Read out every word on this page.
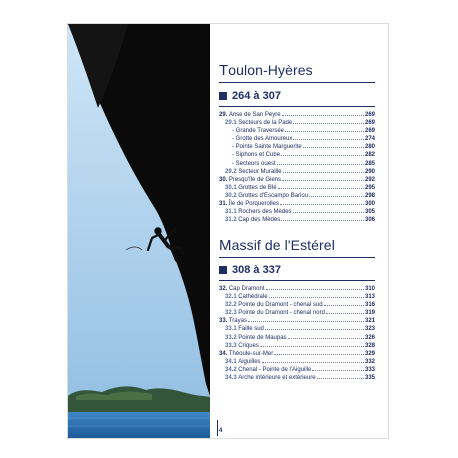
Toulon-Hyères
264 à 307
29. Anse de San Peyre	269
29.1 Secteurs de la Pade	269
- Grande Traversée	269
- Grotte des Amoureux	274
- Pointe Sainte Marguerite	280
- Siphons et Cube	282
- Secteurs ouest	285
29.2 Secteur Muraille	290
30. Presqu'île de Giens	292
30.1 Grottes de Blé	295
30.2 Grottes d'Escampo Bariou	298
31. Île de Porquerolles	300
31.1 Rochers des Mèdes	305
31.2 Cap des Mèdes	306
Massif de l'Estérel
308 à 337
32. Cap Dramont	310
32.1 Cathédrale	313
32.2 Pointe du Dramont - chenal sud	316
32.3 Pointe du Dramont - chenal nord	319
33. Trayas	321
33.1 Faille sud	323
33.2 Pointe de Maupas	326
33.3 Criques	328
34. Théoule-sur-Mer	329
34.1 Aiguilles	332
34.2 Chenal - Pointe de l'Aiguille	333
34.3 Arche intérieure et extérieure	335
4
